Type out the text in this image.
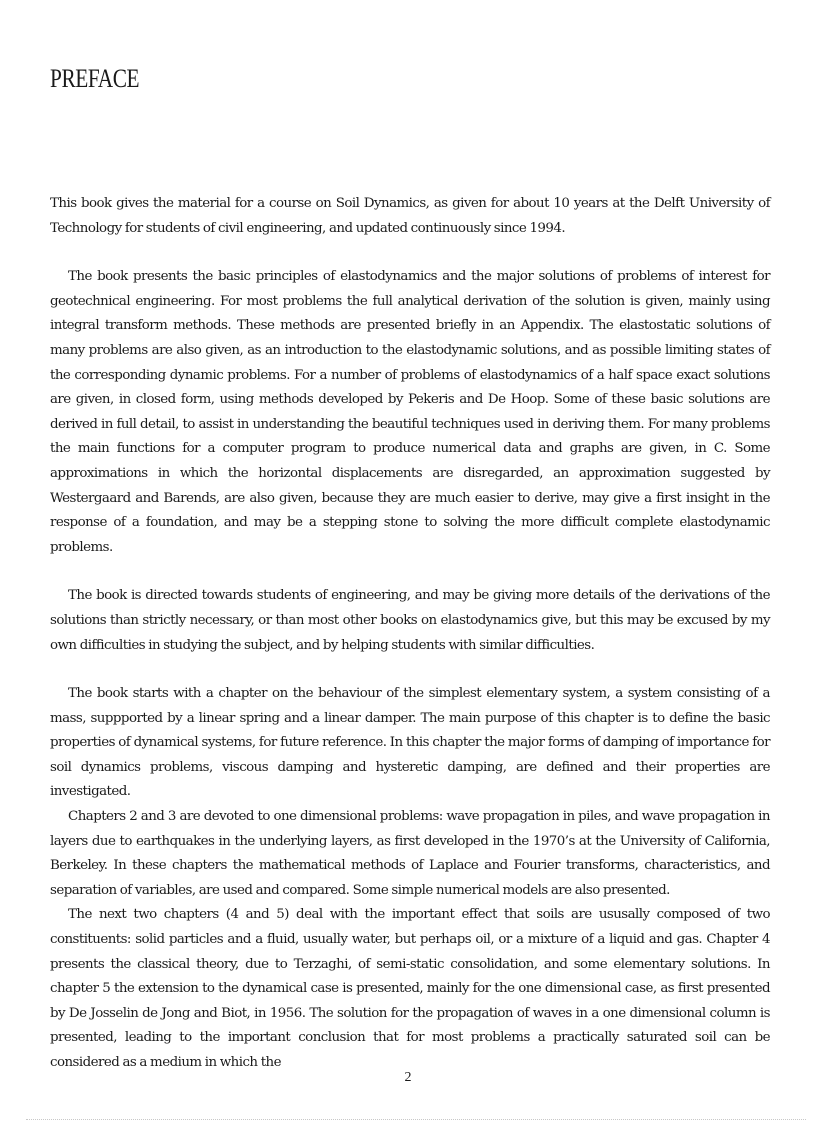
PREFACE

This book gives the material for a course on Soil Dynamics, as given for about 10 years at the Delft University of Technology for students of civil engineering, and updated continuously since 1994.

The book presents the basic principles of elastodynamics and the major solutions of problems of interest for geotechnical engineering. For most problems the full analytical derivation of the solution is given, mainly using integral transform methods. These methods are presented briefly in an Appendix. The elastostatic solutions of many problems are also given, as an introduction to the elastodynamic solutions, and as possible limiting states of the corresponding dynamic problems. For a number of problems of elastodynamics of a half space exact solutions are given, in closed form, using methods developed by Pekeris and De Hoop. Some of these basic solutions are derived in full detail, to assist in understanding the beautiful techniques used in deriving them. For many problems the main functions for a computer program to produce numerical data and graphs are given, in C. Some approximations in which the horizontal displacements are disregarded, an approximation suggested by Westergaard and Barends, are also given, because they are much easier to derive, may give a first insight in the response of a foundation, and may be a stepping stone to solving the more difficult complete elastodynamic problems.

The book is directed towards students of engineering, and may be giving more details of the derivations of the solutions than strictly necessary, or than most other books on elastodynamics give, but this may be excused by my own difficulties in studying the subject, and by helping students with similar difficulties.

The book starts with a chapter on the behaviour of the simplest elementary system, a system consisting of a mass, suppported by a linear spring and a linear damper. The main purpose of this chapter is to define the basic properties of dynamical systems, for future reference. In this chapter the major forms of damping of importance for soil dynamics problems, viscous damping and hysteretic damping, are defined and their properties are investigated.

Chapters 2 and 3 are devoted to one dimensional problems: wave propagation in piles, and wave propagation in layers due to earthquakes in the underlying layers, as first developed in the 1970’s at the University of California, Berkeley. In these chapters the mathematical methods of Laplace and Fourier transforms, characteristics, and separation of variables, are used and compared. Some simple numerical models are also presented.

The next two chapters (4 and 5) deal with the important effect that soils are ususally composed of two constituents: solid particles and a fluid, usually water, but perhaps oil, or a mixture of a liquid and gas. Chapter 4 presents the classical theory, due to Terzaghi, of semi-static consolidation, and some elementary solutions. In chapter 5 the extension to the dynamical case is presented, mainly for the one dimensional case, as first presented by De Josselin de Jong and Biot, in 1956. The solution for the propagation of waves in a one dimensional column is presented, leading to the important conclusion that for most problems a practically saturated soil can be considered as a medium in which the

2
